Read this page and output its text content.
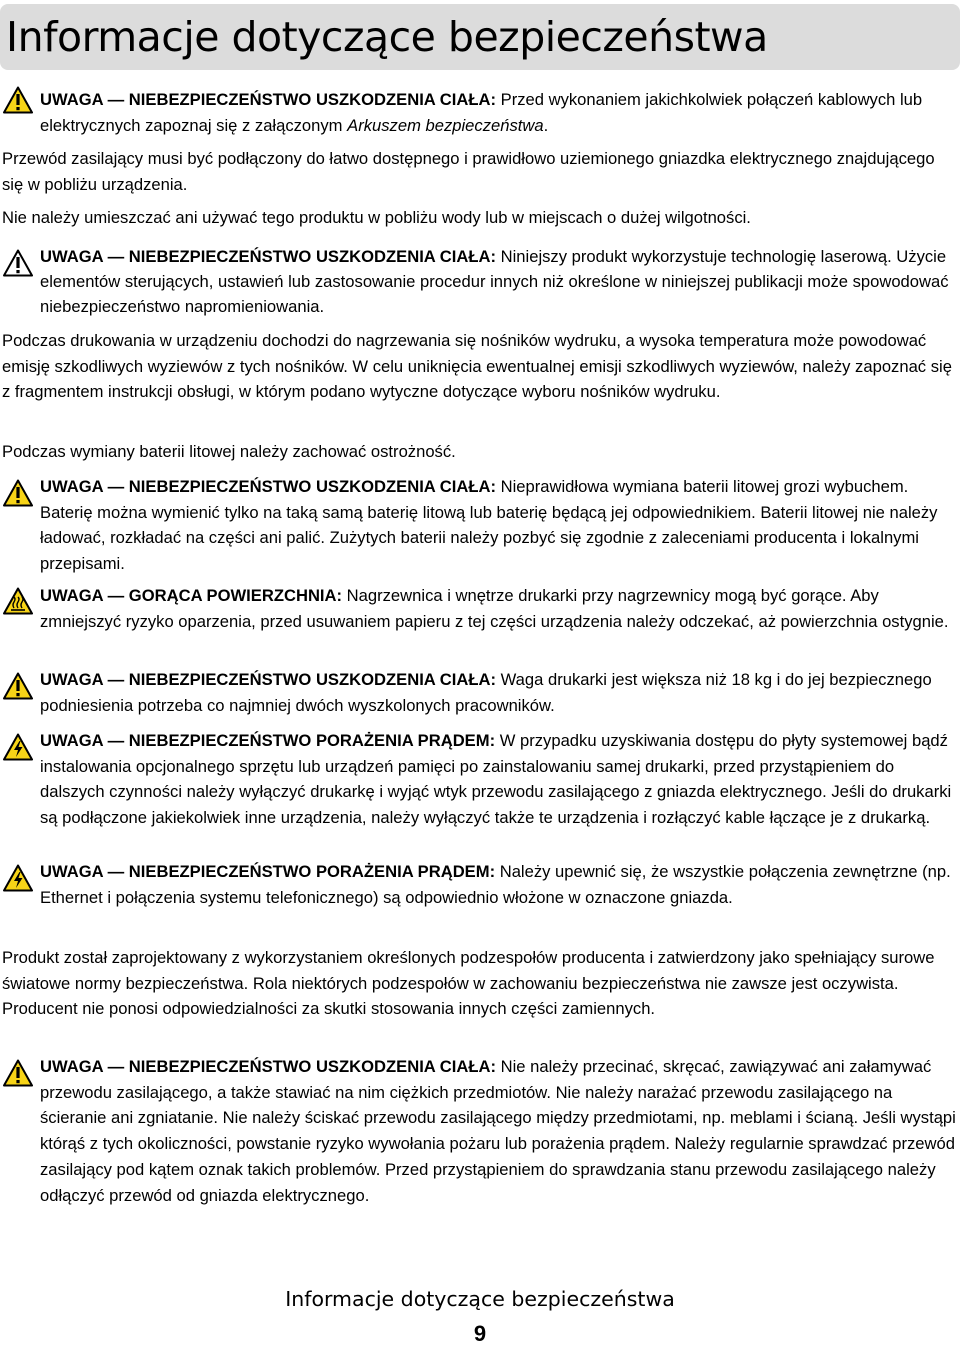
Informacje dotyczące bezpieczeństwa

UWAGA — NIEBEZPIECZEŃSTWO USZKODZENIA CIAŁA: Przed wykonaniem jakichkolwiek połączeń kablowych lub elektrycznych zapoznaj się z załączonym Arkuszem bezpieczeństwa.

Przewód zasilający musi być podłączony do łatwo dostępnego i prawidłowo uziemionego gniazdka elektrycznego znajdującego się w pobliżu urządzenia.

Nie należy umieszczać ani używać tego produktu w pobliżu wody lub w miejscach o dużej wilgotności.

UWAGA — NIEBEZPIECZEŃSTWO USZKODZENIA CIAŁA: Niniejszy produkt wykorzystuje technologię laserową. Użycie elementów sterujących, ustawień lub zastosowanie procedur innych niż określone w niniejszej publikacji może spowodować niebezpieczeństwo napromieniowania.

Podczas drukowania w urządzeniu dochodzi do nagrzewania się nośników wydruku, a wysoka temperatura może powodować emisję szkodliwych wyziewów z tych nośników. W celu uniknięcia ewentualnej emisji szkodliwych wyziewów, należy zapoznać się z fragmentem instrukcji obsługi, w którym podano wytyczne dotyczące wyboru nośników wydruku.

Podczas wymiany baterii litowej należy zachować ostrożność.

UWAGA — NIEBEZPIECZEŃSTWO USZKODZENIA CIAŁA: Nieprawidłowa wymiana baterii litowej grozi wybuchem. Baterię można wymienić tylko na taką samą baterię litową lub baterię będącą jej odpowiednikiem. Baterii litowej nie należy ładować, rozkładać na części ani palić. Zużytych baterii należy pozbyć się zgodnie z zaleceniami producenta i lokalnymi przepisami.

UWAGA — GORĄCA POWIERZCHNIA: Nagrzewnica i wnętrze drukarki przy nagrzewnicy mogą być gorące. Aby zmniejszyć ryzyko oparzenia, przed usuwaniem papieru z tej części urządzenia należy odczekać, aż powierzchnia ostygnie.

UWAGA — NIEBEZPIECZEŃSTWO USZKODZENIA CIAŁA: Waga drukarki jest większa niż 18 kg i do jej bezpiecznego podniesienia potrzeba co najmniej dwóch wyszkolonych pracowników.

UWAGA — NIEBEZPIECZEŃSTWO PORAŻENIA PRĄDEM: W przypadku uzyskiwania dostępu do płyty systemowej bądź instalowania opcjonalnego sprzętu lub urządzeń pamięci po zainstalowaniu samej drukarki, przed przystąpieniem do dalszych czynności należy wyłączyć drukarkę i wyjąć wtyk przewodu zasilającego z gniazda elektrycznego. Jeśli do drukarki są podłączone jakiekolwiek inne urządzenia, należy wyłączyć także te urządzenia i rozłączyć kable łączące je z drukarką.

UWAGA — NIEBEZPIECZEŃSTWO PORAŻENIA PRĄDEM: Należy upewnić się, że wszystkie połączenia zewnętrzne (np. Ethernet i połączenia systemu telefonicznego) są odpowiednio włożone w oznaczone gniazda.

Produkt został zaprojektowany z wykorzystaniem określonych podzespołów producenta i zatwierdzony jako spełniający surowe światowe normy bezpieczeństwa. Rola niektórych podzespołów w zachowaniu bezpieczeństwa nie zawsze jest oczywista. Producent nie ponosi odpowiedzialności za skutki stosowania innych części zamiennych.

UWAGA — NIEBEZPIECZEŃSTWO USZKODZENIA CIAŁA: Nie należy przecinać, skręcać, zawiązywać ani załamywać przewodu zasilającego, a także stawiać na nim ciężkich przedmiotów. Nie należy narażać przewodu zasilającego na ścieranie ani zgniatanie. Nie należy ściskać przewodu zasilającego między przedmiotami, np. meblami i ścianą. Jeśli wystąpi którąś z tych okoliczności, powstanie ryzyko wywołania pożaru lub porażenia prądem. Należy regularnie sprawdzać przewód zasilający pod kątem oznak takich problemów. Przed przystąpieniem do sprawdzania stanu przewodu zasilającego należy odłączyć przewód od gniazda elektrycznego.

Informacje dotyczące bezpieczeństwa
9
